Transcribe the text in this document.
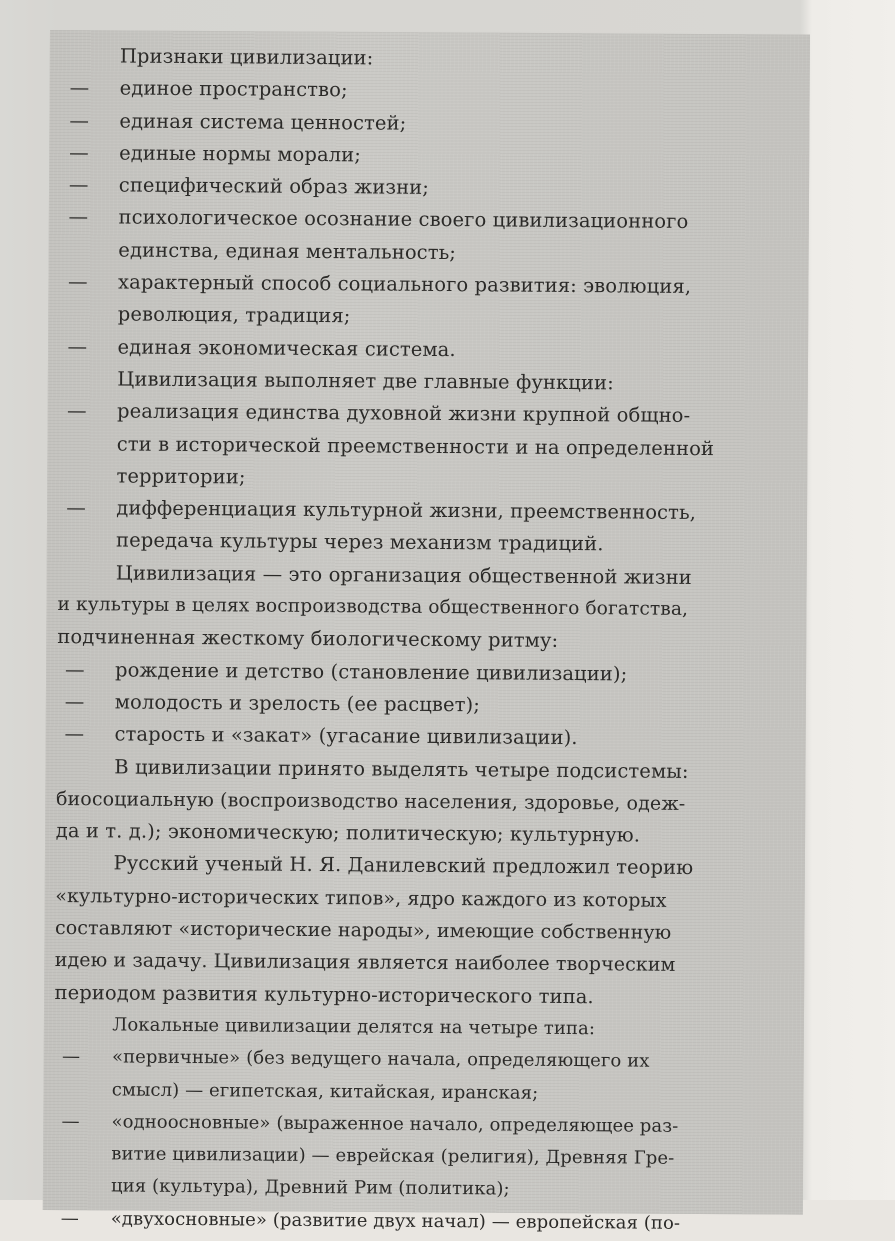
Признаки цивилизации:
— единое пространство;
— единая система ценностей;
— единые нормы морали;
— специфический образ жизни;
— психологическое осознание своего цивилизационного
единства, единая ментальность;
— характерный способ социального развития: эволюция,
революция, традиция;
— единая экономическая система.
Цивилизация выполняет две главные функции:
— реализация единства духовной жизни крупной общно-
сти в исторической преемственности и на определенной
территории;
— дифференциация культурной жизни, преемственность,
передача культуры через механизм традиций.
Цивилизация — это организация общественной жизни
и культуры в целях воспроизводства общественного богатства,
подчиненная жесткому биологическому ритму:
— рождение и детство (становление цивилизации);
— молодость и зрелость (ее расцвет);
— старость и «закат» (угасание цивилизации).
В цивилизации принято выделять четыре подсистемы:
биосоциальную (воспроизводство населения, здоровье, одеж-
да и т. д.); экономическую; политическую; культурную.
Русский ученый Н. Я. Данилевский предложил теорию
«культурно-исторических типов», ядро каждого из которых
составляют «исторические народы», имеющие собственную
идею и задачу. Цивилизация является наиболее творческим
периодом развития культурно-исторического типа.
Локальные цивилизации делятся на четыре типа:
— «первичные» (без ведущего начала, определяющего их
смысл) — египетская, китайская, иранская;
— «одноосновные» (выраженное начало, определяющее раз-
витие цивилизации) — еврейская (религия), Древняя Гре-
ция (культура), Древний Рим (политика);
— «двухосновные» (развитие двух начал) — европейская (по-
